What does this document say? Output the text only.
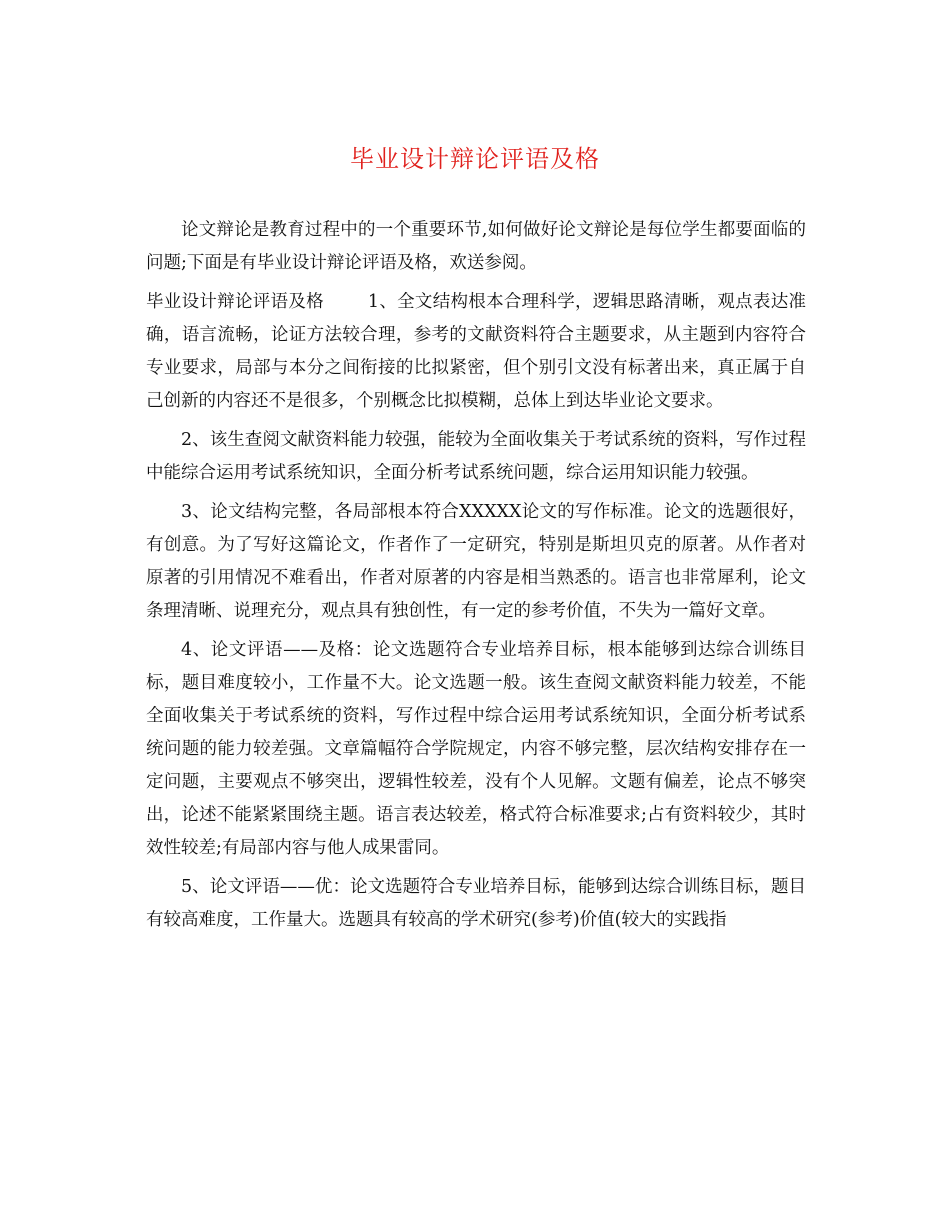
毕业设计辩论评语及格

论文辩论是教育过程中的一个重要环节,如何做好论文辩论是每位学生都要面临的问题;下面是有毕业设计辩论评语及格，欢送参阅。

毕业设计辩论评语及格	1、全文结构根本合理科学，逻辑思路清晰，观点表达准确，语言流畅，论证方法较合理，参考的文献资料符合主题要求，从主题到内容符合专业要求，局部与本分之间衔接的比拟紧密，但个别引文没有标著出来，真正属于自己创新的内容还不是很多，个别概念比拟模糊，总体上到达毕业论文要求。

2、该生查阅文献资料能力较强，能较为全面收集关于考试系统的资料，写作过程中能综合运用考试系统知识，全面分析考试系统问题，综合运用知识能力较强。

3、论文结构完整，各局部根本符合XXXXX论文的写作标准。论文的选题很好，有创意。为了写好这篇论文，作者作了一定研究，特别是斯坦贝克的原著。从作者对原著的引用情况不难看出，作者对原著的内容是相当熟悉的。语言也非常犀利，论文条理清晰、说理充分，观点具有独创性，有一定的参考价值，不失为一篇好文章。

4、论文评语——及格：论文选题符合专业培养目标，根本能够到达综合训练目标，题目难度较小，工作量不大。论文选题一般。该生查阅文献资料能力较差，不能全面收集关于考试系统的资料，写作过程中综合运用考试系统知识，全面分析考试系统问题的能力较差强。文章篇幅符合学院规定，内容不够完整，层次结构安排存在一定问题，主要观点不够突出，逻辑性较差，没有个人见解。文题有偏差，论点不够突出，论述不能紧紧围绕主题。语言表达较差，格式符合标准要求;占有资料较少，其时效性较差;有局部内容与他人成果雷同。

5、论文评语——优：论文选题符合专业培养目标，能够到达综合训练目标，题目有较高难度，工作量大。选题具有较高的学术研究(参考)价值(较大的实践指
